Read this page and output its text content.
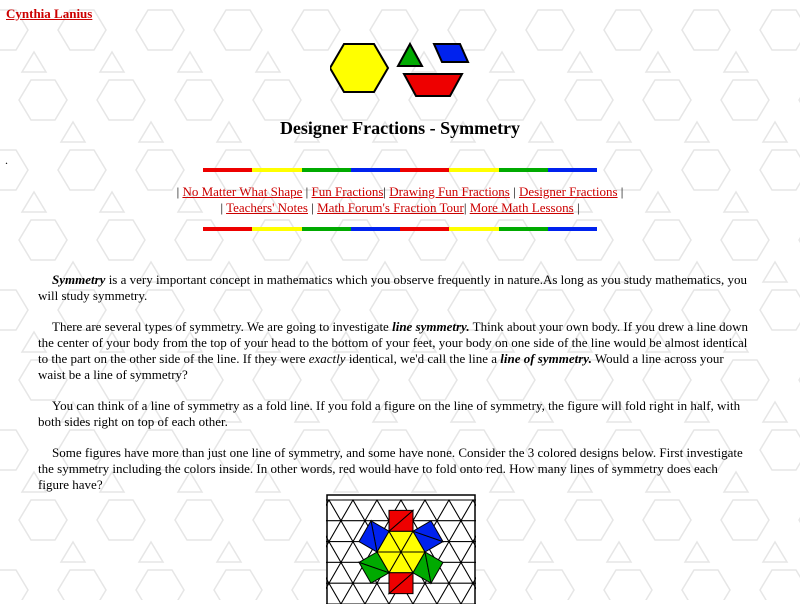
Cynthia Lanius
Designer Fractions - Symmetry
.
| No Matter What Shape | Fun Fractions| Drawing Fun Fractions | Designer Fractions |
| Teachers' Notes | Math Forum's Fraction Tour| More Math Lessons |

Symmetry is a very important concept in mathematics which you observe frequently in nature.As long as you study mathematics, you will study symmetry.

There are several types of symmetry. We are going to investigate line symmetry. Think about your own body. If you drew a line down the center of your body from the top of your head to the bottom of your feet, your body on one side of the line would be almost identical to the part on the other side of the line. If they were exactly identical, we'd call the line a line of symmetry. Would a line across your waist be a line of symmetry?

You can think of a line of symmetry as a fold line. If you fold a figure on the line of symmetry, the figure will fold right in half, with both sides right on top of each other.

Some figures have more than just one line of symmetry, and some have none. Consider the 3 colored designs below. First investigate the symmetry including the colors inside. In other words, red would have to fold onto red. How many lines of symmetry does each figure have?
